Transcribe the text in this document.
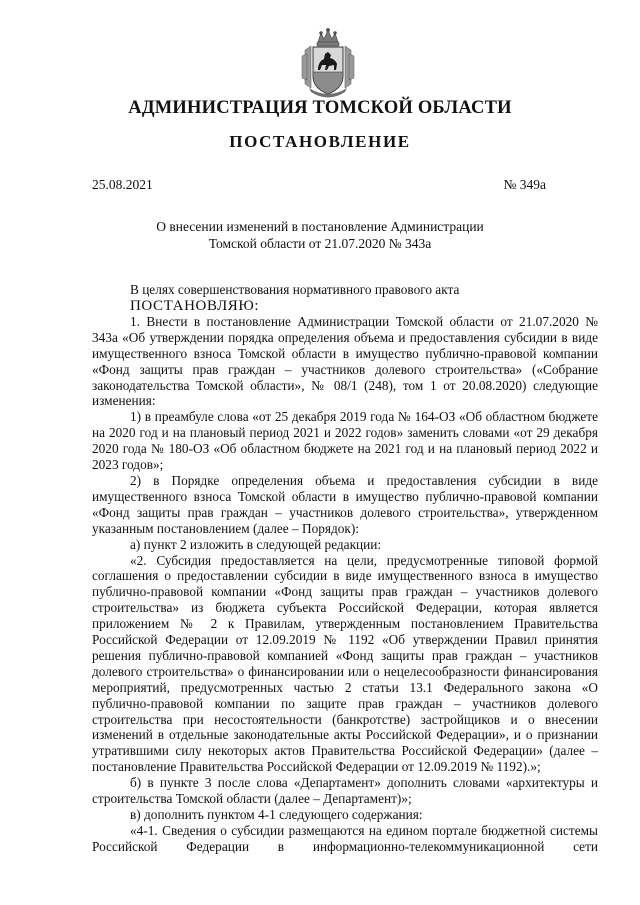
АДМИНИСТРАЦИЯ ТОМСКОЙ ОБЛАСТИ
ПОСТАНОВЛЕНИЕ
25.08.2021	№ 349а
О внесении изменений в постановление Администрации
Томской области от 21.07.2020 № 343а

В целях совершенствования нормативного правового акта

ПОСТАНОВЛЯЮ:

1. Внести в постановление Администрации Томской области от 21.07.2020 № 343а «Об утверждении порядка определения объема и предоставления субсидии в виде имущественного взноса Томской области в имущество публично-правовой компании «Фонд защиты прав граждан – участников долевого строительства» («Собрание законодательства Томской области», № 08/1 (248), том 1 от 20.08.2020) следующие изменения:

1) в преамбуле слова «от 25 декабря 2019 года № 164-ОЗ «Об областном бюджете на 2020 год и на плановый период 2021 и 2022 годов» заменить словами «от 29 декабря 2020 года № 180-ОЗ «Об областном бюджете на 2021 год и на плановый период 2022 и 2023 годов»;

2) в Порядке определения объема и предоставления субсидии в виде имущественного взноса Томской области в имущество публично-правовой компании «Фонд защиты прав граждан – участников долевого строительства», утвержденном указанным постановлением (далее – Порядок):

а) пункт 2 изложить в следующей редакции:

«2. Субсидия предоставляется на цели, предусмотренные типовой формой соглашения о предоставлении субсидии в виде имущественного взноса в имущество публично-правовой компании «Фонд защиты прав граждан – участников долевого строительства» из бюджета субъекта Российской Федерации, которая является приложением № 2 к Правилам, утвержденным постановлением Правительства Российской Федерации от 12.09.2019 № 1192 «Об утверждении Правил принятия решения публично-правовой компанией «Фонд защиты прав граждан – участников долевого строительства» о финансировании или о нецелесообразности финансирования мероприятий, предусмотренных частью 2 статьи 13.1 Федерального закона «О публично-правовой компании по защите прав граждан – участников долевого строительства при несостоятельности (банкротстве) застройщиков и о внесении изменений в отдельные законодательные акты Российской Федерации», и о признании утратившими силу некоторых актов Правительства Российской Федерации» (далее – постановление Правительства Российской Федерации от 12.09.2019 № 1192).»;

б) в пункте 3 после слова «Департамент» дополнить словами «архитектуры и строительства Томской области (далее – Департамент)»;

в) дополнить пунктом 4-1 следующего содержания:

«4-1. Сведения о субсидии размещаются на едином портале бюджетной системы Российской Федерации в информационно-телекоммуникационной сети
